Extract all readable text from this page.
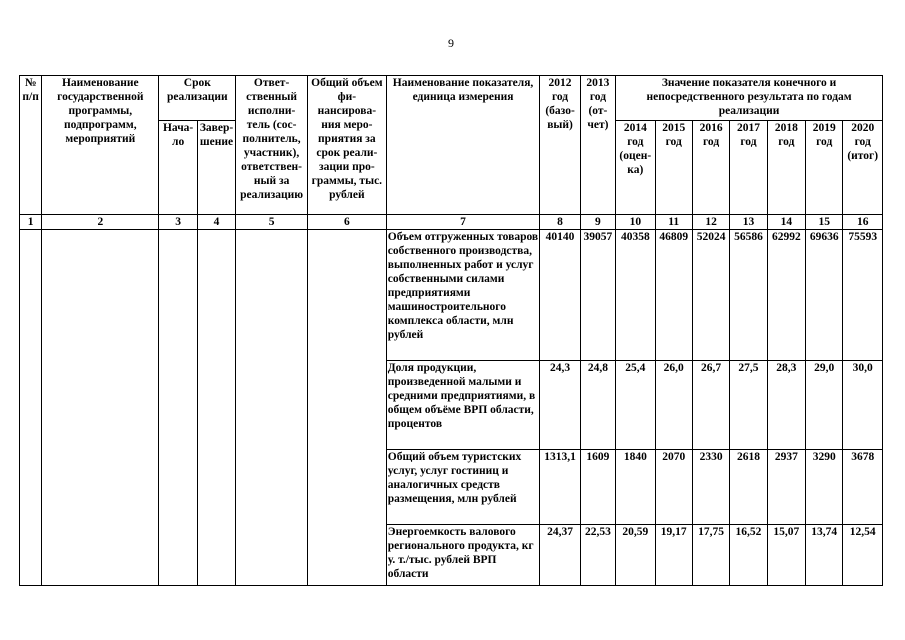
9
№ п/п	Наименование государственной программы, подпрограмм, мероприятий	Срок реализации		Ответ-ственный исполни-тель (сос-полнитель, участник), ответствен-ный за реализацию	Общий объем фи-нансирова-ния меро-приятия за срок реали-зации про-граммы, тыс. рублей	Наименование показателя, единица измерения	2012 год (базо-вый)	2013 год (от-чет)	Значение показателя конечного и непосредственного результата по годам реализации						
		Нача-ло	Завер-шение						2014 год (оцен-ка)	2015 год	2016 год	2017 год	2018 год	2019 год	2020 год (итог)
1	2	3	4	5	6	7	8	9	10	11	12	13	14	15	16
						Объем отгруженных товаров собственного производства, выполненных работ и услуг собственными силами предприятиями машиностроительного комплекса области, млн рублей	40140	39057	40358	46809	52024	56586	62992	69636	75593
						Доля продукции, произведенной малыми и средними предприятиями, в общем объёме ВРП области, процентов	24,3	24,8	25,4	26,0	26,7	27,5	28,3	29,0	30,0
						Общий объем туристских услуг, услуг гостиниц и аналогичных средств размещения, млн рублей	1313,1	1609	1840	2070	2330	2618	2937	3290	3678
						Энергоемкость валового регионального продукта, кг у. т./тыс. рублей ВРП области	24,37	22,53	20,59	19,17	17,75	16,52	15,07	13,74	12,54
